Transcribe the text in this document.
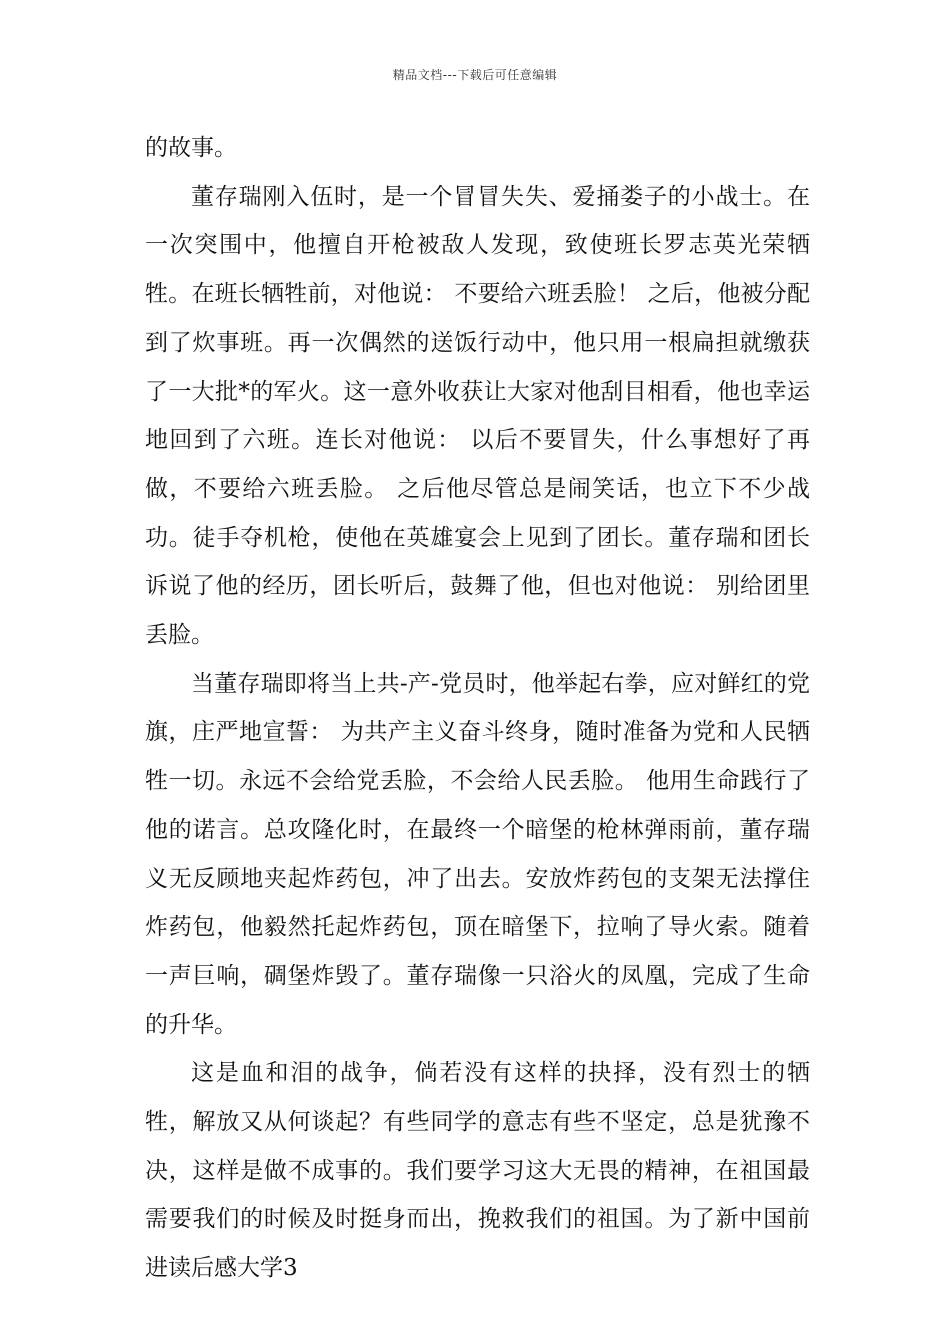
精品文档---下载后可任意编辑

的故事。

董存瑞刚入伍时，是一个冒冒失失、爱捅娄子的小战士。在一次突围中，他擅自开枪被敌人发现，致使班长罗志英光荣牺牲。在班长牺牲前，对他说： 不要给六班丢脸！ 之后，他被分配到了炊事班。再一次偶然的送饭行动中，他只用一根扁担就缴获了一大批*的军火。这一意外收获让大家对他刮目相看，他也幸运地回到了六班。连长对他说： 以后不要冒失，什么事想好了再做，不要给六班丢脸。 之后他尽管总是闹笑话，也立下不少战功。徒手夺机枪，使他在英雄宴会上见到了团长。董存瑞和团长诉说了他的经历，团长听后，鼓舞了他，但也对他说： 别给团里丢脸。

当董存瑞即将当上共-产-党员时，他举起右拳，应对鲜红的党旗，庄严地宣誓： 为共产主义奋斗终身，随时准备为党和人民牺牲一切。永远不会给党丢脸，不会给人民丢脸。 他用生命践行了他的诺言。总攻隆化时，在最终一个暗堡的枪林弹雨前，董存瑞义无反顾地夹起炸药包，冲了出去。安放炸药包的支架无法撑住炸药包，他毅然托起炸药包，顶在暗堡下，拉响了导火索。随着一声巨响，碉堡炸毁了。董存瑞像一只浴火的凤凰，完成了生命的升华。

这是血和泪的战争，倘若没有这样的抉择，没有烈士的牺牲，解放又从何谈起？有些同学的意志有些不坚定，总是犹豫不决，这样是做不成事的。我们要学习这大无畏的精神，在祖国最需要我们的时候及时挺身而出，挽救我们的祖国。为了新中国前进读后感大学3
